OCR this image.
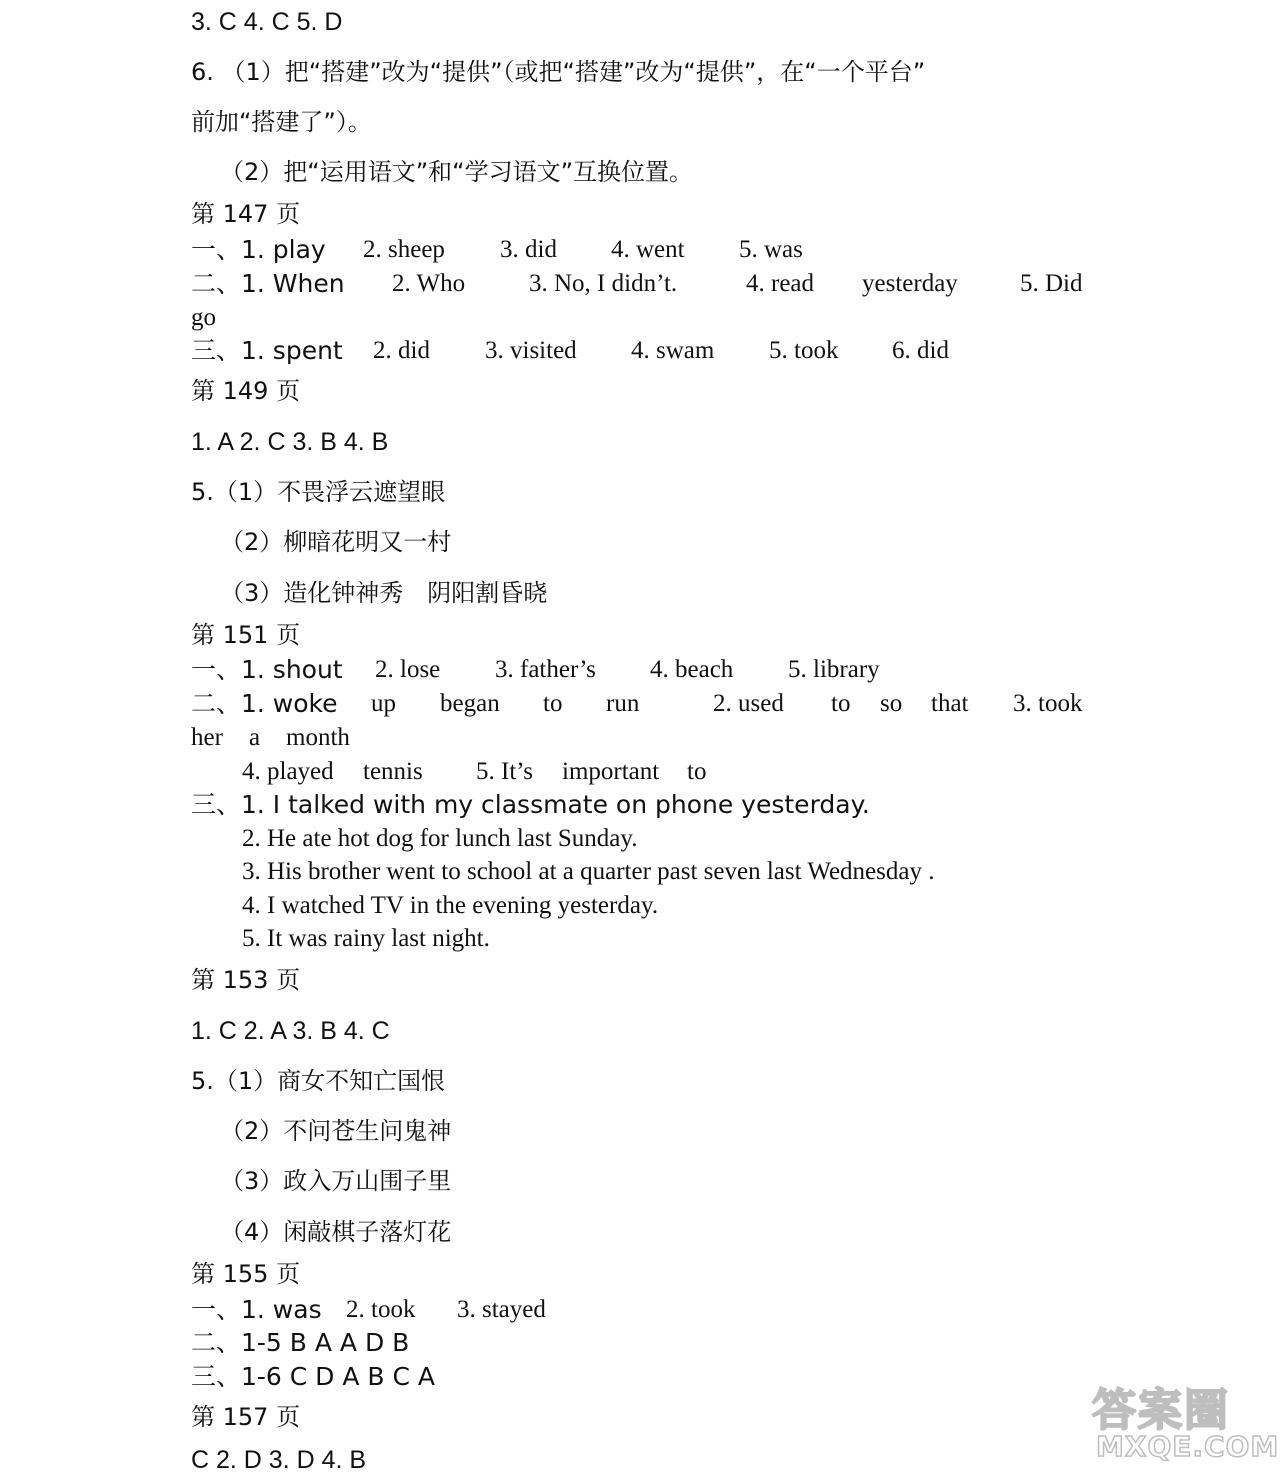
3. C 4. C 5. D
6. （1）把“搭建”改为“提供”（或把“搭建”改为“提供”，在“一个平台”
前加“搭建了”）。
（2）把“运用语文”和“学习语文”互换位置。
第 147 页
一、1. play 2. sheep 3. did 4. went 5. was
二、1. When 2. Who	3. No, I didn’t.	4. read yesterday 5. Did
go
三、1. spent 2. did 3. visited 4. swam 5. took 6. did
第 149 页
1. A 2. C 3. B 4. B
5.（1）不畏浮云遮望眼
（2）柳暗花明又一村
（3）造化钟神秀　阴阳割昏晓
第 151 页
一、1. shout 2. lose 3. father’s 4. beach 5. library
二、1. woke up began to run	2. used to so that 3. took
her a month
4. played tennis 5. It’s important to
三、1. I talked with my classmate on phone yesterday.
2. He ate hot dog for lunch last Sunday.
3. His brother went to school at a quarter past seven last Wednesday .
4. I watched TV in the evening yesterday.
5. It was rainy last night.
第 153 页
1. C 2. A 3. B 4. C
5.（1）商女不知亡国恨
（2）不问苍生问鬼神
（3）政入万山围子里
（4）闲敲棋子落灯花
第 155 页
一、1. was 2. took 3. stayed
二、1-5 B A A D B
三、1-6 C D A B C A
第 157 页
C 2. D 3. D 4. B
答案圈
MXQE.COM
